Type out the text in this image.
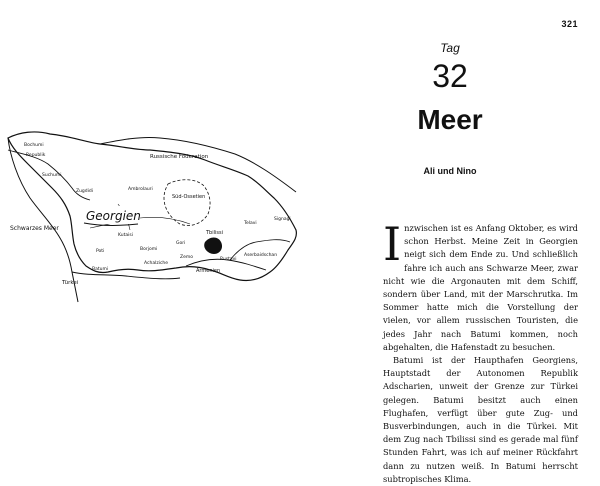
321
Georgien
Republik
Suchumi
Russische Föderation
Süd-Ossetien
Schwarzes Meer
Kutaisi	Tbilissi
Türkei
Armenien
Aserbaidschan
Batumi
Poti
Zugdidi
Gori
Borjomi
Achalziche
Signagi
Rustavi
Telavi
Zemo
Ambrolauri
Bochumi
Tag
32
Meer
Ali und Nino

Inzwischen ist es Anfang Oktober, es wird schon Herbst. Meine Zeit in Georgien neigt sich dem Ende zu. Und schließlich fahre ich auch ans Schwarze Meer, zwar nicht wie die Argonauten mit dem Schiff, sondern über Land, mit der Marschrutka. Im Sommer hatte mich die Vorstellung der vielen, vor allem russischen Touristen, die jedes Jahr nach Batumi kommen, noch abgehalten, die Hafenstadt zu besuchen.

Batumi ist der Haupthafen Georgiens, Hauptstadt der Autonomen Republik Adscharien, unweit der Grenze zur Türkei gelegen. Batumi besitzt auch einen Flughafen, verfügt über gute Zug- und Busverbindungen, auch in die Türkei. Mit dem Zug nach Tbilissi sind es gerade mal fünf Stunden Fahrt, was ich auf meiner Rückfahrt dann zu nutzen weiß. In Batumi herrscht subtropisches Klima.
